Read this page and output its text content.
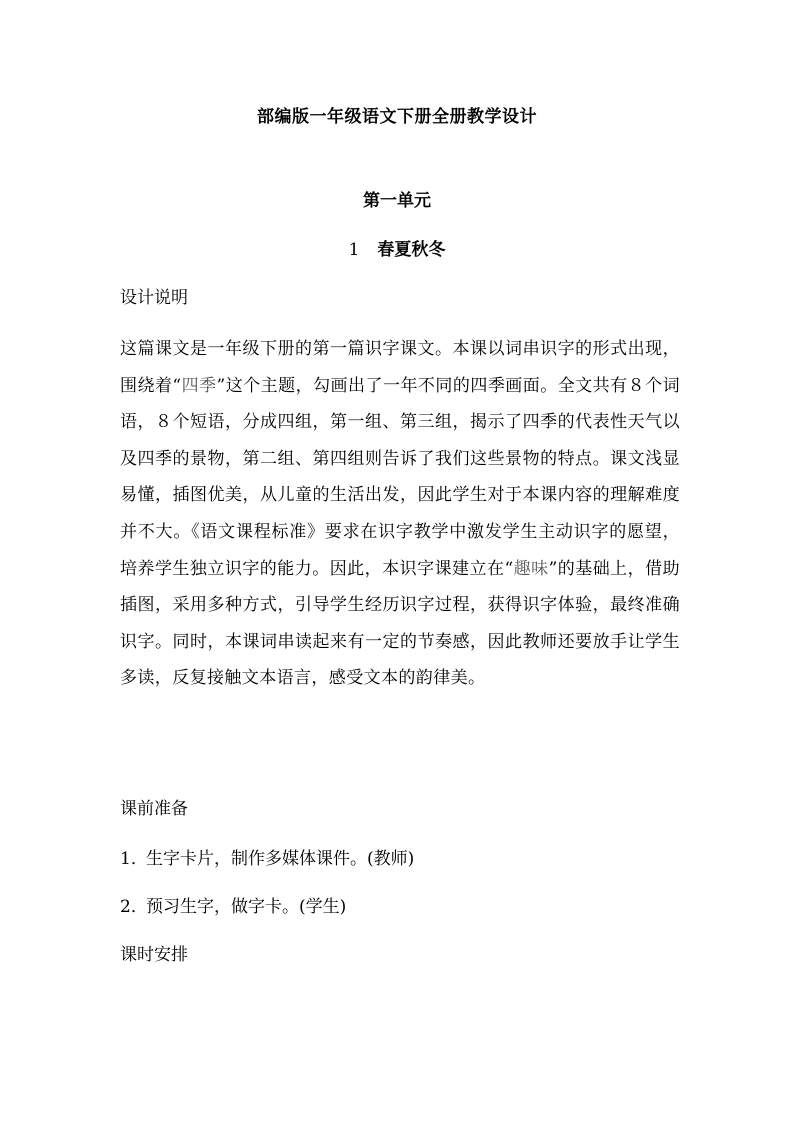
部编版一年级语文下册全册教学设计
第一单元
1 春夏秋冬
设计说明

这篇课文是一年级下册的第一篇识字课文。本课以词串识字的形式出现，围绕着“四季”这个主题，勾画出了一年不同的四季画面。全文共有８个词语，８个短语，分成四组，第一组、第三组，揭示了四季的代表性天气以及四季的景物，第二组、第四组则告诉了我们这些景物的特点。课文浅显易懂，插图优美，从儿童的生活出发，因此学生对于本课内容的理解难度并不大。《语文课程标准》要求在识字教学中激发学生主动识字的愿望，培养学生独立识字的能力。因此，本识字课建立在“趣味”的基础上，借助插图，采用多种方式，引导学生经历识字过程，获得识字体验，最终准确识字。同时，本课词串读起来有一定的节奏感，因此教师还要放手让学生多读，反复接触文本语言，感受文本的韵律美。

课前准备
1．生字卡片，制作多媒体课件。(教师)
2．预习生字，做字卡。(学生)
课时安排
